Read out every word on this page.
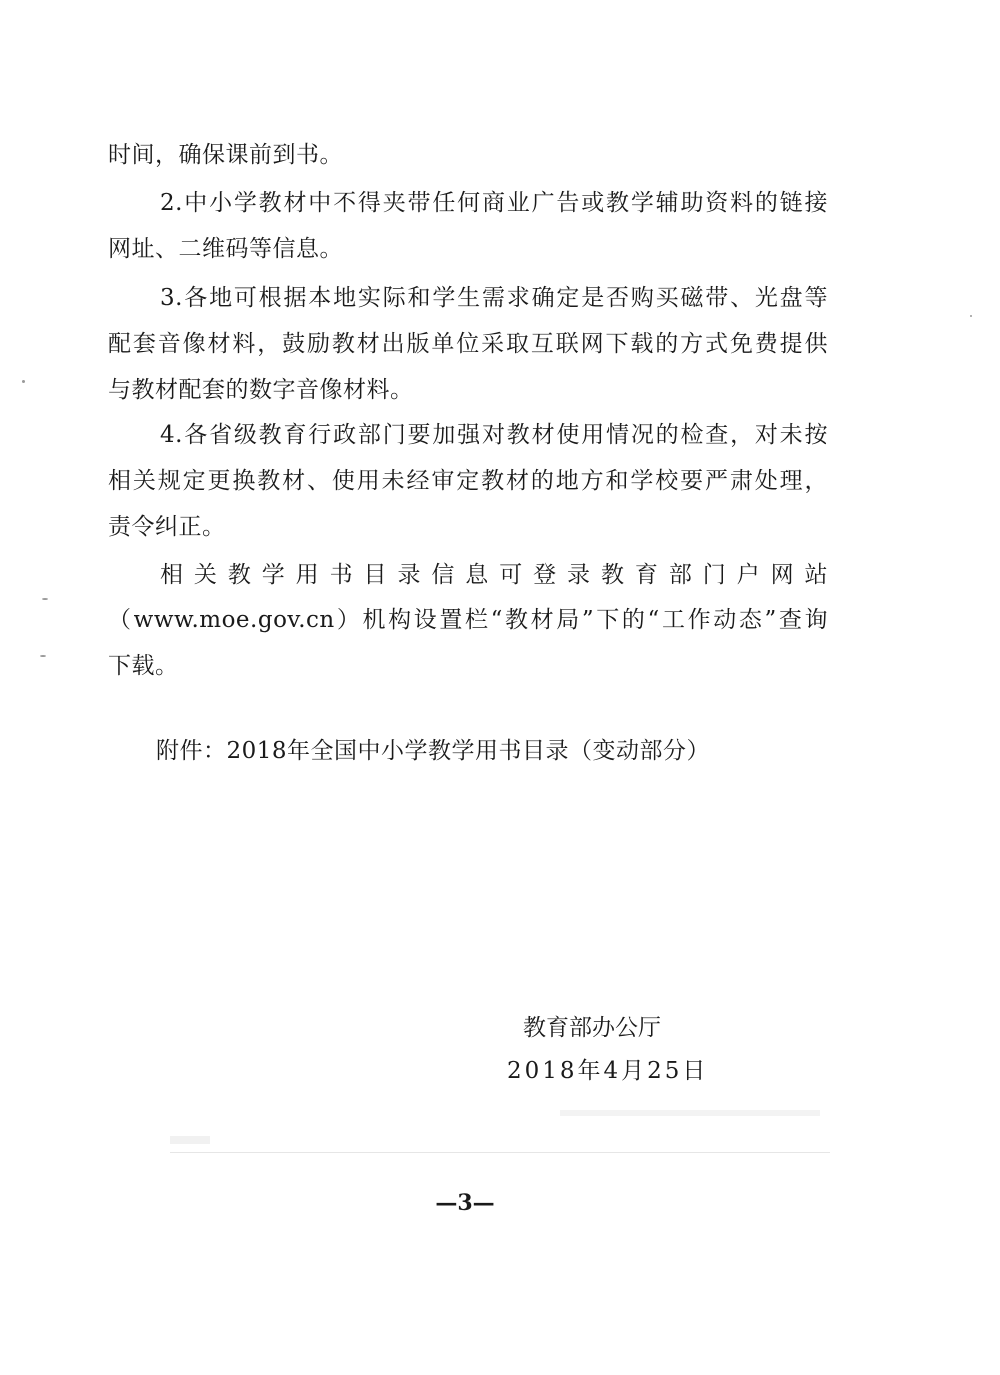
时间，确保课前到书。
2.中小学教材中不得夹带任何商业广告或教学辅助资料的链接
网址、二维码等信息。
3.各地可根据本地实际和学生需求确定是否购买磁带、光盘等
配套音像材料，鼓励教材出版单位采取互联网下载的方式免费提供
与教材配套的数字音像材料。
4.各省级教育行政部门要加强对教材使用情况的检查，对未按
相关规定更换教材、使用未经审定教材的地方和学校要严肃处理，
责令纠正。
相关教学用书目录信息可登录教育部门户网站
（www.moe.gov.cn）机构设置栏“教材局”下的“工作动态”查询
下载。
附件：2018年全国中小学教学用书目录（变动部分）
教育部办公厅
2018年4月25日
—3—
